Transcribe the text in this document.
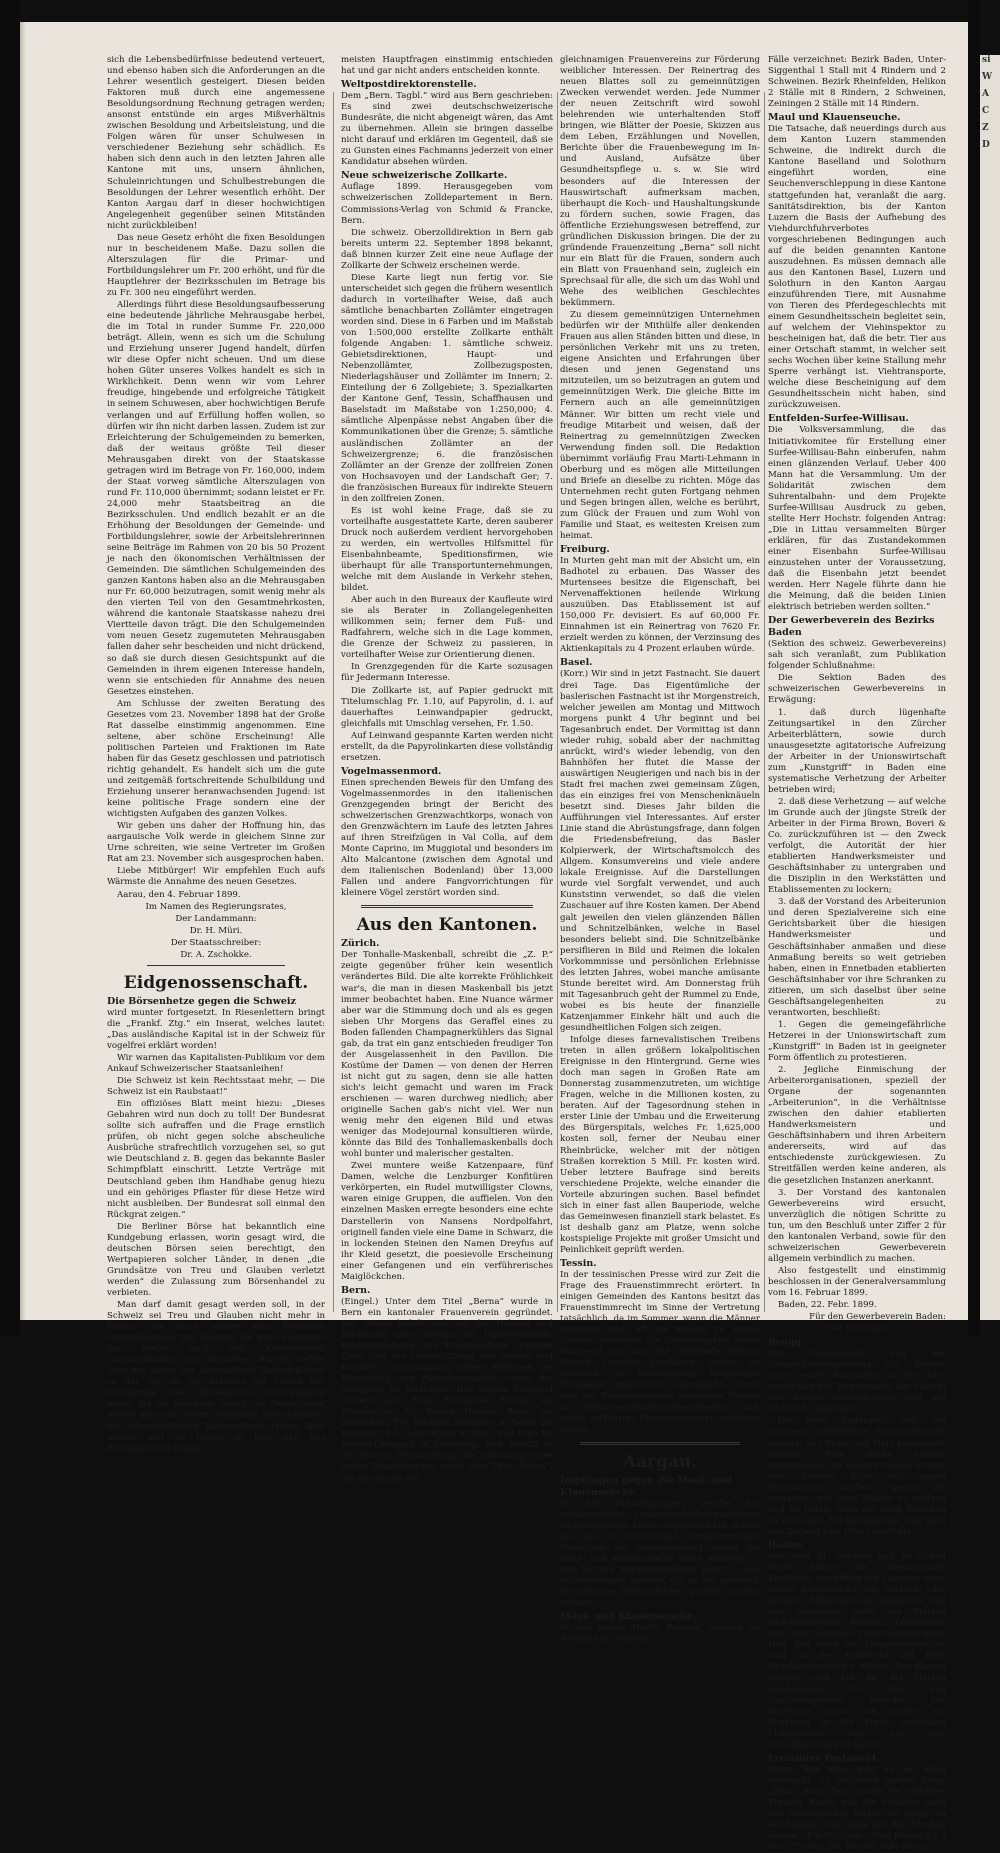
si

W

A

C

Z

D

sich die Lebensbedürfnisse bedeutend verteuert, und ebenso haben sich die Anforderungen an die Lehrer wesentlich gesteigert. Diesen beiden Faktoren muß durch eine angemessene Besoldungsordnung Rechnung getragen werden; ansonst entstünde ein arges Mißverhältnis zwischen Besoldung und Arbeitsleistung, und die Folgen wären für unser Schulwesen in verschiedener Beziehung sehr schädlich. Es haben sich denn auch in den letzten Jahren alle Kantone mit uns, unsern ähnlichen, Schuleinrichtungen und Schulbestrebungen die Besoldungen der Lehrer wesentlich erhöht. Der Kanton Aargau darf in dieser hochwichtigen Angelegenheit gegenüber seinen Mitständen nicht zurückbleiben!

Das neue Gesetz erhöht die fixen Besoldungen nur in bescheidenem Maße. Dazu sollen die Alterszulagen für die Primar- und Fortbildungslehrer um Fr. 200 erhöht, und für die Hauptlehrer der Bezirksschulen im Betrage bis zu Fr. 300 neu eingeführt werden.

Allerdings führt diese Besoldungsaufbesserung eine bedeutende jährliche Mehrausgabe herbei, die im Total in runder Summe Fr. 220,000 beträgt. Allein, wenn es sich um die Schulung und Erziehung unserer Jugend handelt, dürfen wir diese Opfer nicht scheuen. Und um diese hohen Güter unseres Volkes handelt es sich in Wirklichkeit. Denn wenn wir vom Lehrer freudige, hingebende und erfolgreiche Tätigkeit in seinem Schuwesen, aber hochwichtigen Berufe verlangen und auf Erfüllung hoffen wollen, so dürfen wir ihn nicht darben lassen. Zudem ist zur Erleichterung der Schulgemeinden zu bemerken, daß der weitaus größte Teil dieser Mehrausgaben direkt von der Staatskasse getragen wird im Betrage von Fr. 160,000, indem der Staat vorweg sämtliche Alterszulagen von rund Fr. 110,000 übernimmt; sodann leistet er Fr. 24,000 mehr Staatsbeitrag an die Bezirksschulen. Und endlich bezahlt er an die Erhöhung der Besoldungen der Gemeinde- und Fortbildungslehrer, sowie der Arbeitslehrerinnen seine Beiträge im Rahmen von 20 bis 50 Prozent je nach den ökonomischen Verhältnissen der Gemeinden. Die sämtlichen Schulgemeinden des ganzen Kantons haben also an die Mehrausgaben nur Fr. 60,000 beizutragen, somit wenig mehr als den vierten Teil von den Gesamtmehrkosten, während die kantonale Staatskasse nahezu drei Viertteile davon trägt. Die den Schulgemeinden vom neuen Gesetz zugemuteten Mehrausgaben fallen daher sehr bescheiden und nicht drückend, so daß sie durch diesen Gesichtspunkt auf die Gemeinden in ihrem eigenen Interesse handeln, wenn sie entschieden für Annahme des neuen Gesetzes einstehen.

Am Schlusse der zweiten Beratung des Gesetzes vom 23. November 1898 hat der Große Rat dasselbe einstimmig angenommen. Eine seltene, aber schöne Erscheinung! Alle politischen Parteien und Fraktionen im Rate haben für das Gesetz geschlossen und patriotisch richtig gehandelt. Es handelt sich um die gute und zeitgemäß fortschreitende Schulbildung und Erziehung unserer heranwachsenden Jugend: ist keine politische Frage sondern eine der wichtigsten Aufgaben des ganzen Volkes.

Wir geben uns daher der Hoffnung hin, das aargauische Volk werde in gleichem Sinne zur Urne schreiten, wie seine Vertreter im Großen Rat am 23. November sich ausgesprochen haben.

Liebe Mitbürger! Wir empfehlen Euch aufs Wärmste die Annahme des neuen Gesetzes.

Aarau, den 4. Februar 1899.

Im Namen des Regierungsrates,

Der Landammann:

Dr. H. Müri.

Der Staatsschreiber:

Dr. A. Zschokke.

Eidgenossenschaft.
Die Börsenhetze gegen die Schweiz

wird munter fortgesetzt. In Riesenlettern bringt die „Frankf. Ztg.“ ein Inserat, welches lautet: „Das ausländische Kapital ist in der Schweiz für vogelfrei erklärt worden!

Wir warnen das Kapitalisten-Publikum vor dem Ankauf Schweizerischer Staatsanleihen!

Die Schweiz ist kein Rechtsstaat mehr, — Die Schweiz ist ein Raubstaat!“

Ein offiziöses Blatt meint hiezu: „Dieses Gebahren wird nun doch zu toll! Der Bundesrat sollte sich aufraffen und die Frage ernstlich prüfen, ob nicht gegen solche abscheuliche Ausbrüche strafrechtlich vorzugehen sei, so gut wie Deutschland z. B. gegen das bekannte Basler Schimpfblatt einschritt. Letzte Verträge mit Deutschland geben ihm Handhabe genug hiezu und ein gehöriges Pflaster für diese Hetze wird nicht ausbleiben. Der Bundesrat soll einmal den Rückgrat zeigen.“

Die Berliner Börse hat bekanntlich eine Kundgebung erlassen, worin gesagt wird, die deutschen Börsen seien berechtigt, den Wertpapieren solcher Länder, in denen „die Grundsätze von Treu und Glauben verletzt werden“ die Zulassung zum Börsenhandel zu verbieten.

Man darf damit gesagt werden soll, in der Schweiz sei Treu und Glauben nicht mehr in Ehren, und auch wieder eine Frechheit sondergleichen. Die Schweiz hat ganz zweifellos das Recht nach den Konzessionen zurückzukaufen. Die deutschen Börsen stellen aber die Sache mit beispielloser Hartnäckigkeit so dar, als ob die Schweiz auf Grund der Dividenden oder Börsenkurse zurückkaufen wolle. Da ist durchaus falsch. In Deutschland würde man auf dieser Grundlage zurückkaufen, die schweizerischen Konzessionen lauten aber anders und sie lauten so klar, daß das Bundesgericht in den

meisten Hauptfragen einstimmig entschieden hat und gar nicht anders entscheiden konnte.

Weltpostdirektorenstelle.

Dem „Bern. Tagbl.“ wird aus Bern geschrieben: Es sind zwei deutschschweizerische Bundesräte, die nicht abgeneigt wären, das Amt zu übernehmen. Allein sie bringen dasselbe nicht darauf und erklären im Gegenteil, daß sie zu Gunsten eines Fachmanns jederzeit von einer Kandidatur absehen würden.

Neue schweizerische Zollkarte.

Auflage 1899. Herausgegeben vom schweizerischen Zolldepartement in Bern. Commissions-Verlag von Schmid & Francke, Bern.

Die schweiz. Oberzolldirektion in Bern gab bereits unterm 22. September 1898 bekannt, daß binnen kurzer Zeit eine neue Auflage der Zollkarte der Schweiz erscheinen werde.

Diese Karte liegt nun fertig vor. Sie unterscheidet sich gegen die frühern wesentlich dadurch in vorteilhafter Weise, daß auch sämtliche benachbarten Zollämter eingetragen worden sind. Diese in 6 Farben und im Maßstab von 1:500,000 erstellte Zollkarte enthält folgende Angaben: 1. sämtliche schweiz. Gebietsdirektionen, Haupt- und Nebenzollämter, Zollbezugsposten, Niederlagshäuser und Zollämter im Innern; 2. Einteilung der 6 Zollgebiete; 3. Spezialkarten der Kantone Genf, Tessin, Schaffhausen und Baselstadt im Maßstabe von 1:250,000; 4. sämtliche Alpenpässe nebst Angaben über die Kommunikationen über die Grenze; 5. sämtliche ausländischen Zollämter an der Schweizergrenze; 6. die französischen Zollämter an der Grenze der zollfreien Zonen von Hochsavoyen und der Landschaft Ger; 7. die französischen Bureaux für indirekte Steuern in den zollfreien Zonen.

Es ist wohl keine Frage, daß sie zu vorteilhafte ausgestattete Karte, deren sauberer Druck noch außerdem verdient hervorgehoben zu werden, ein wertvolles Hilfsmittel für Eisenbahnbeamte, Speditionsfirmen, wie überhaupt für alle Transportunternehmungen, welche mit dem Auslande in Verkehr stehen, bildet.

Aber auch in den Bureaux der Kaufleute wird sie als Berater in Zollangelegenheiten willkommen sein; ferner dem Fuß- und Radfahrern, welche sich in die Lage kommen, die Grenze der Schweiz zu passieren, in vorteilhafter Weise zur Orientierung dienen.

In Grenzgegenden für die Karte sozusagen für Jedermann Interesse.

Die Zollkarte ist, auf Papier gedruckt mit Titelumschlag Fr. 1.10, auf Papyrolin, d. i. auf dauerhaftes Leinwandpapier gedruckt, gleichfalls mit Umschlag versehen, Fr. 1.50.

Auf Leinwand gespannte Karten werden nicht erstellt, da die Papyrolinkarten diese vollständig ersetzen.

Vogelmassenmord.

Einen sprechenden Beweis für den Umfang des Vogelmassenmordes in den italienischen Grenzgegenden bringt der Bericht des schweizerischen Grenzwachtkorps, wonach von den Grenzwächtern im Laufe des letzten Jahres auf ihren Streifzügen in Val Colla, auf dem Monte Caprino, im Muggiotal und besonders im Alto Malcantone (zwischen dem Agnotal und dem italienischen Bodenland) über 13,000 Fallen und andere Fangvorrichtungen für kleinere Vögel zerstört worden sind.

Aus den Kantonen.
Zürich.

Der Tonhalle-Maskenball, schreibt die „Z. P.“ zeigte gegenüber früher kein wesentlich verändertes Bild. Die alte korrekte Fröhlichkeit war's, die man in diesen Maskenball bis jetzt immer beobachtet haben. Eine Nuance wärmer aber war die Stimmung doch und als es gegen sieben Uhr Morgens das Geraffel eines zu Boden fallenden Champagnerkühlers das Signal gab, da trat ein ganz entschieden freudiger Ton der Ausgelassenheit in den Pavillon. Die Kostüme der Damen — von denen der Herren ist nicht gut zu sagen, denn sie alle hatten sich's leicht gemacht und waren im Frack erschienen — waren durchweg niedlich; aber originelle Sachen gab's nicht viel. Wer nun wenig mehr den eigenen Bild und etwas weniger das Modejournal konsultieren würde, könnte das Bild des Tonhallemaskenballs doch wohl bunter und malerischer gestalten.

Zwei muntere weiße Katzenpaare, fünf Damen, welche die Lenzburger Konfitüren verkörperten, ein Rudel mutwilligster Clowns, waren einige Gruppen, die auffielen. Von den einzelnen Masken erregte besonders eine echte Darstellerin von Nansens Nordpolfahrt, originell fanden viele eine Dame in Schwarz, die in lockenden Steinen den Namen Dreyfus auf ihr Kleid gesetzt, die poesievolle Erscheinung einer Gefangenen und ein verführerisches Maiglöckchen.

Bern.

(Eingel.) Unter dem Titel „Berna“ wurde in Bern ein kantonaler Frauenverein gegründet. Der Verein befaßt sich mit der Hebung und Förderung aller Zweige der Hauswirtschaft, Kindererziehung und Krankenpflege. Fernere Ziele sind die Unterstützung von Armen und Kranken, Unterstützung armer Mädchen bei Erwerbung von Fachkenntnissen, sowie die Anregung zu Vorträgen. Der engere Vorstand besteht aus Frau Bundesrat Müller als Präsidentin, Fr. Emma Hodler, Bern, als Sekretärin, Frl. Johanna Schnyder in Basle bei Burgdorf, Frl. Anna König in Bern, und Frau M. Martin-Lehmann in Oberburg. Den Vorsitz in der letzten Versammlung die Gründung einer neuen Frauenzeitung unter dem Titel „Berna“, die das Organ des

gleichnamigen Frauenvereins zur Förderung weiblicher Interessen. Der Reinertrag des neuen Blattes soll zu gemeinnützigen Zwecken verwendet werden. Jede Nummer der neuen Zeitschrift wird sowohl belehrenden wie unterhaltenden Stoff bringen, wie Blätter der Poesie, Skizzen aus dem Leben, Erzählungen und Novellen, Berichte über die Frauenbewegung im In- und Ausland, Aufsätze über Gesundheitspflege u. s. w. Sie wird besonders auf die Interessen der Hauswirtschaft aufmerksam machen, überhaupt die Koch- und Haushaltungskunde zu fördern suchen, sowie Fragen, das öffentliche Erziehungswesen betreffend, zur gründlichen Diskussion bringen. Die der zu gründende Frauenzeitung „Berna“ soll nicht nur ein Blatt für die Frauen, sondern auch ein Blatt von Frauenhand sein, zugleich ein Sprechsaal für alle, die sich um das Wohl und Wehe des weiblichen Geschlechtes bekümmern.

Zu diesem gemeinnützigen Unternehmen bedürfen wir der Mithülfe aller denkenden Frauen aus allen Ständen bitten und diese, in persönlichen Verkehr mit uns zu treten, eigene Ansichten und Erfahrungen über diesen und jenen Gegenstand uns mitzuteilen, um so beizutragen an gutem und gemeinnützigen Werk. Die gleiche Bitte im Fernern auch an alle gemeinnützigen Männer. Wir bitten um recht viele und freudige Mitarbeit und weisen, daß der Reinertrag zu gemeinnützigen Zwecken Verwendung finden soll. Die Redaktion übernimmt vorläufig Frau Marti-Lehmann in Oberburg und es mögen alle Mitteilungen und Briefe an dieselbe zu richten. Möge das Unternehmen recht guten Fortgang nehmen und Segen bringen allen, welche es berührt, zum Glück der Frauen und zum Wohl von Familie und Staat, es weitesten Kreisen zum heimat.

Freiburg.

In Murten geht man mit der Absicht um, ein Badhotel zu erbauen. Das Wasser des Murtensees besitze die Eigenschaft, bei Nervenaffektionen heilende Wirkung auszuüben. Das Etablissement ist auf 150,000 Fr. devisiert. Es auf 60,000 Fr. Einnahmen ist ein Reinertrag von 7620 Fr. erzielt werden zu können, der Verzinsung des Aktienkapitals zu 4 Prozent erlauben würde.

Basel.

(Korr.) Wir sind in jetzt Fastnacht. Sie dauert drei Tage. Das Eigentümliche der baslerischen Fastnacht ist ihr Morgenstreich, welcher jeweilen am Montag und Mittwoch morgens punkt 4 Uhr beginnt und bei Tagesanbruch endet. Der Vormittag ist dann wieder ruhig, sobald aber der nachmittag anrückt, wird's wieder lebendig, von den Bahnhöfen her flutet die Masse der auswärtigen Neugierigen und nach bis in der Stadt frei machen zwei gemeinsam Zügen, das ein einziges frei von Menschenknäueln besetzt sind. Dieses Jahr bilden die Aufführungen viel Interessantes. Auf erster Linie stand die Abrüstungsfrage, dann folgen die Friedensbefreiung, das Basler Kolpierwerk, der Wirtschaftsmolcch des Allgem. Konsumvereins und viele andere lokale Ereignisse. Auf die Darstellungen wurde viel Sorgfalt verwendet, und auch Kunststinn verwendet, so daß die vielen Zuschauer auf ihre Kosten kamen. Der Abend galt jeweilen den vielen glänzenden Bällen und Schnitzelbänken, welche in Basel besonders beliebt sind. Die Schnitzelbänke persiflieren in Bild und Reimen die lokalen Vorkommnisse und persönlichen Erlebnisse des letzten Jahres, wobei manche amüsante Stunde bereitet wird. Am Donnerstag früh mit Tagesanbruch geht der Rummel zu Ende, wobei es bis heute der finanzielle Katzenjammer Einkehr hält und auch die gesundheitlichen Folgen sich zeigen.

Infolge dieses farnevalistischen Treibens treten in allen größern lokalpolitischen Ereignisse in den Hintergrund. Gerne wies doch man sagen in Großen Rate am Donnerstag zusammenzutreten, um wichtige Fragen, welche in die Millionen kosten, zu beraten. Auf der Tagesordnung stehen in erster Linie der Umbau und die Erweiterung des Bürgerspitals, welches Fr. 1,625,000 kosten soll, ferner der Neubau einer Rheinbrücke, welcher mit der nötigen Straßen korrektion 5 Mill. Fr. kosten wird. Ueber letztere Baufrage sind bereits verschiedene Projekte, welche einander die Vorteile abzuringen suchen. Basel befindet sich in einer fast allen Bauperiode, welche das Gemeinwesen finanziell stark belastet. Es ist deshalb ganz am Platze, wenn solche kostspielige Projekte mit großer Umsicht und Peinlichkeit geprüft werden.

Tessin.

In der tessinischen Presse wird zur Zeit die Frage des Frauenstimmrecht erörtert. In einigen Gemeinden des Kantons besitzt das Frauenstimmrecht im Sinne der Vertretung tatsächlich, da im Sommer, wenn die Männer auswärts sind, oft die Frauen zu Hause bleiben, vertreten. Die Notwendigkeit dieser Maßregel hat auch die Gemeinde Melano (Bezirk Lugano) anerkannt, indem sie beschloß, in Ermangelung volljähriger Mitglieder männlichen Geschlechts dürfe jede zur Bürgergemeinde gehörende Familie in Bürgergemeindeangelegenheiten sich durch volljährige Frauenspersonen vertreten lassen.

Aargau.
Impfungen gegen die Maul- und Klauenseuche.

Zu den Erkundigungen, welche das schweizerische Landwirtschaftsdepartement an kompetenter Stelle eingezogen hat, wurde bei den in Deutschland vorgenommenen Versuchen zur Immunisierung gegen die Maul- und Klauenseuche keine Methode — und bis die Seraphinimpfung nicht — den Anforderungen gerecht, die an ein praktisch brauchbares Impfverfahren gestellt werden müssen.

Maul- und Klauenseuche.

In der ersten Hälfte Februar wurden im Aargau nur folgende

Fälle verzeichnet: Bezirk Baden, Unter-Siggenthal 1 Stall mit 4 Rindern und 2 Schweinen. Bezirk Rheinfelden, Helikon 2 Ställe mit 8 Rindern, 2 Schweinen, Zeiningen 2 Ställe mit 14 Rindern.

Maul und Klauenseuche.

Die Tatsache, daß neuerdings durch aus dem Kanton Luzern stammenden Schweine, die indirekt durch die Kantone Baselland und Solothurn eingeführt worden, eine Seuchenverschleppung in diese Kantone stattgefunden hat, veranlaßt die aarg. Sanitätsdirektion, bis der Kanton Luzern die Basis der Aufhebung des Viehdurchfuhrverbotes vorgeschriebenen Bedingungen auch auf die beiden genannten Kantone auszudehnen. Es müssen demnach alle aus den Kantonen Basel, Luzern und Solothurn in den Kanton Aargau einzuführenden Tiere, mit Ausnahme von Tieren des Pferdegeschlechts mit einem Gesundheitsschein begleitet sein, auf welchem der Viehinspektor zu bescheinigen hat, daß die betr. Tier aus einer Ortschaft stammt, in welcher seit sechs Wochen über keine Stallung mehr Sperre verhängt ist. Viehtransporte, welche diese Bescheinigung auf dem Gesundheitsschein nicht haben, sind zurückzuweisen.

Entfelden-Surfee-Willisau.

Die Volksversammlung, die das Initiativkomitee für Erstellung einer Surfee-Willisau-Bahn einberufen, nahm einen glänzenden Verlauf. Ueber 400 Mann hat die Versammlung. Um der Solidarität zwischen dem Suhrentalbahn- und dem Projekte Surfee-Willisau Ausdruck zu geben, stellte Herr Hochstr. folgenden Antrag: „Die in Littau versammelten Bürger erklären, für das Zustandekommen einer Eisenbahn Surfee-Willisau einzustehen unter der Voraussetzung, daß die Eisenbahn jetzt beendet werden. Herr Nagele führte dann hie die Meinung, daß die beiden Linien elektrisch betrieben werden sollten.“

Der Gewerbeverein des Bezirks Baden

(Sektion des schweiz. Gewerbevereins) sah sich veranlaßt, zum Publikation folgender Schlußnahme:

Die Sektion Baden des schweizerischen Gewerbevereins in Erwägung:

1. daß durch lügenhafte Zeitungsartikel in den Zürcher Arbeiterblättern, sowie durch unausgesetzte agitatorische Aufreizung der Arbeiter in der Unionswirtschaft zum „Kunstgriff“ in Baden eine systematische Verhetzung der Arbeiter betrieben wird;

2. daß diese Verhetzung — auf welche im Grunde auch der jüngste Streik der Arbeiter in der Firma Brown, Boveri & Co. zurückzuführen ist — den Zweck verfolgt, die Autorität der hier etablierten Handwerksmeister und Geschäftsinhaber zu untergraben und die Disziplin in den Werkstätten und Etablissementen zu lockern;

3. daß der Vorstand des Arbeiterunion und deren Spezialvereine sich eine Gerichtsbarkeit über die hiesigen Handwerksmeister und Geschäftsinhaber anmaßen und diese Anmaßung bereits so weit getrieben haben, einen in Ennetbaden etablierten Geschäftsinhaber vor ihre Schranken zu zitieren, um sich daselbst über seine Geschäftsangelegenheiten zu verantworten, beschließt:

1. Gegen die gemeingefährliche Hetzerei in der Unionswirtschaft zum „Kunstgriff“ in Baden ist in geeigneter Form öffentlich zu protestieren.

2. Jegliche Einmischung der Arbeiterorganisationen, speziell der Organe der sogenannten „Arbeiterunion“, in die Verhältnisse zwischen den dahier etablierten Handwerksmeistern und Geschäftsinhabern und ihren Arbeitern andererseits, wird auf das entschiedenste zurückgewiesen. Zu Streitfällen werden keine anderen, als die gesetzlichen Instanzen anerkannt.

3. Der Vorstand des kantonalen Gewerbevereins wird ersucht, unverzüglich die nötigen Schritte zu tun, um den Beschluß unter Ziffer 2 für den kantonalen Verband, sowie für den schweizerischen Gewerbeverein allgemein verbindlich zu machen.

Also festgestellt und einstimmig beschlossen in der Generalversammlung vom 16. Februar 1899.

Baden, 22. Febr. 1899.

Für den Gewerbeverein Baden:

Der Vorstand.

Brugg.

Der Gemeinderat legt der Gemeindeversammlung das Projekt einer neuen Badanstalt in der Aare (unterhalb des Bierbrauerei am Aarhof) vor, dessen Gesamtkosten sich auf 23,000 Fr. belaufen.

Die neue Badanstalt soll, auf eisernen, luftgefüllten Schwimmkästen ruhend, aus Eisen und Holz konstruiert werden. Eine starke eiserne Verankerung der ganzen Anlage sichert wie dieselbe nicht nur gegen Hochwasser, sondern gegen ihr gestatten, mit dem Wasser zu steigen und zu fallen, ohne die feste Situation zu verlassen. Ein bewegliches Steg wird den Zugang zum Ufer vermitteln.

Baden.

Seit dem 21. Februar tagt im Grand Hotel dahier die internationale Konferenz betreffend die Lokation einer neuen Rheinbrücke bei Zurzach oder Koblenz. Mitglieder der Konferenz sind von badischer Seite die Herren Oberbaudirektor Honsell, Oberbaurat Seib und Geheimer Ober-Regierungsrat Heil. Von Seite der Eidgenossenschaft sind an der Konferenz teil Herr Oberbauinspektor v. Morlot. Der Kanton Aargau sind bei ihr die Herren Landammann Dr. Müri und Kantonsingenieur Zehnder. Die Konferenz hatte sich vorerst ein Begehren in die Frage stehenden Flußgebietes vor, um ihre Schlußberatung zu halten.

Freiämter Fastnacht.

(Korr.) Wie jedes Jahr an der alten Fastnacht, so entfaltete unsere junge „Waar“ auch dem wieder ein lebhaftes Treiben. Kaum war die Schlacht nach des Christenlehre vorbei, so ging's an ein Rennen und Jagen auf den Straßen herum, „Ein Bröggen, „Sind Beider g's ä Stud'!“ oder „Eh, ihr wid wißt ihr so
